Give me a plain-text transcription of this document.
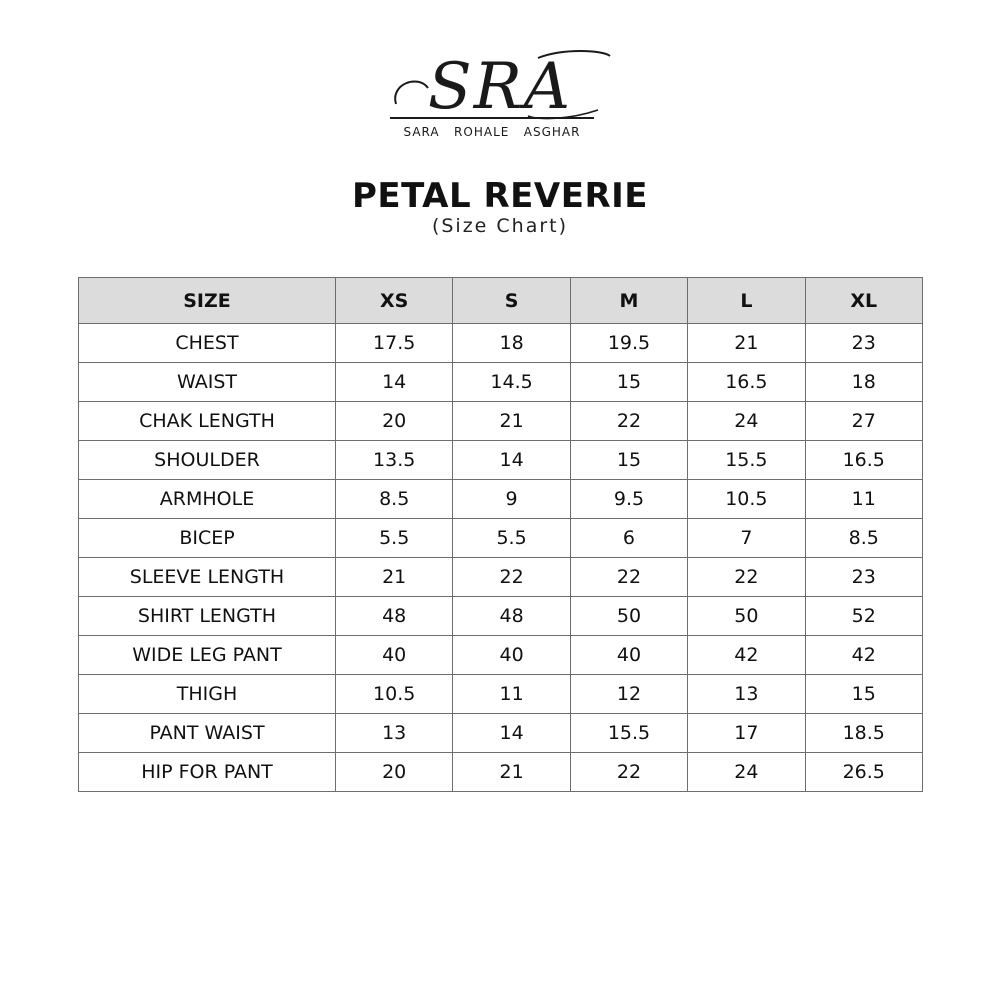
SRA
SARA   ROHALE   ASGHAR
PETAL REVERIE
(Size Chart)
SIZE	XS	S	M	L	XL
CHEST	17.5	18	19.5	21	23
WAIST	14	14.5	15	16.5	18
CHAK LENGTH	20	21	22	24	27
SHOULDER	13.5	14	15	15.5	16.5
ARMHOLE	8.5	9	9.5	10.5	11
BICEP	5.5	5.5	6	7	8.5
SLEEVE LENGTH	21	22	22	22	23
SHIRT LENGTH	48	48	50	50	52
WIDE LEG PANT	40	40	40	42	42
THIGH	10.5	11	12	13	15
PANT WAIST	13	14	15.5	17	18.5
HIP FOR PANT	20	21	22	24	26.5
